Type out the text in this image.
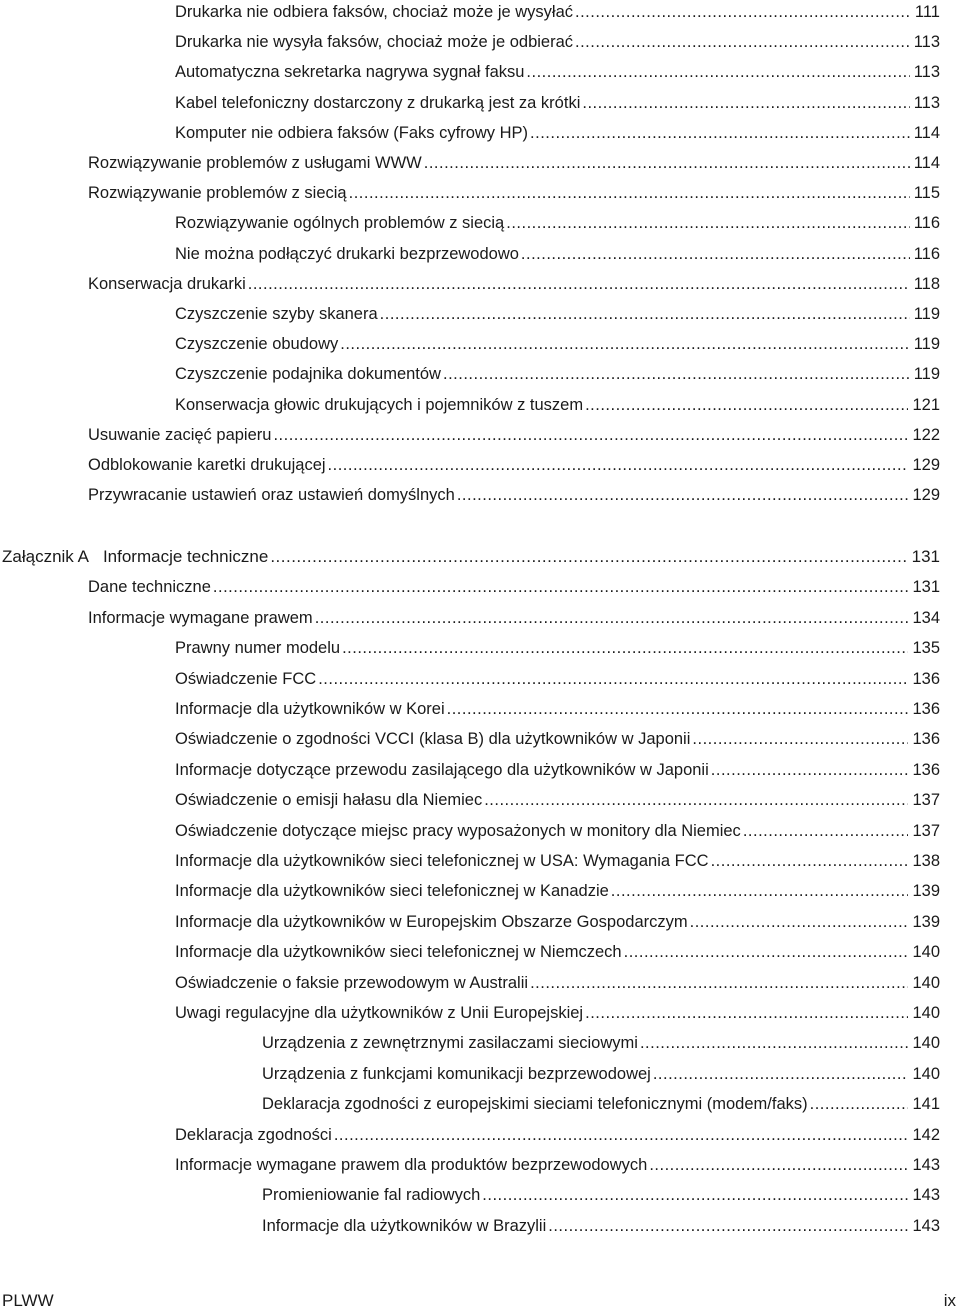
Drukarka nie odbiera faksów, chociaż może je wysyłać .....	111
Drukarka nie wysyła faksów, chociaż może je odbierać .....	113
Automatyczna sekretarka nagrywa sygnał faksu .....	113
Kabel telefoniczny dostarczony z drukarką jest za krótki .....	113
Komputer nie odbiera faksów (Faks cyfrowy HP) .....	114
Rozwiązywanie problemów z usługami WWW .....	114
Rozwiązywanie problemów z siecią .....	115
Rozwiązywanie ogólnych problemów z siecią .....	116
Nie można podłączyć drukarki bezprzewodowo .....	116
Konserwacja drukarki .....	118
Czyszczenie szyby skanera .....	119
Czyszczenie obudowy .....	119
Czyszczenie podajnika dokumentów .....	119
Konserwacja głowic drukujących i pojemników z tuszem .....	121
Usuwanie zacięć papieru .....	122
Odblokowanie karetki drukującej .....	129
Przywracanie ustawień oraz ustawień domyślnych .....	129
Załącznik A Informacje techniczne .....	131
Dane techniczne .....	131
Informacje wymagane prawem .....	134
Prawny numer modelu .....	135
Oświadczenie FCC .....	136
Informacje dla użytkowników w Korei .....	136
Oświadczenie o zgodności VCCI (klasa B) dla użytkowników w Japonii .....	136
Informacje dotyczące przewodu zasilającego dla użytkowników w Japonii .....	136
Oświadczenie o emisji hałasu dla Niemiec .....	137
Oświadczenie dotyczące miejsc pracy wyposażonych w monitory dla Niemiec .....	137
Informacje dla użytkowników sieci telefonicznej w USA: Wymagania FCC .....	138
Informacje dla użytkowników sieci telefonicznej w Kanadzie .....	139
Informacje dla użytkowników w Europejskim Obszarze Gospodarczym .....	139
Informacje dla użytkowników sieci telefonicznej w Niemczech .....	140
Oświadczenie o faksie przewodowym w Australii .....	140
Uwagi regulacyjne dla użytkowników z Unii Europejskiej .....	140
Urządzenia z zewnętrznymi zasilaczami sieciowymi .....	140
Urządzenia z funkcjami komunikacji bezprzewodowej .....	140
Deklaracja zgodności z europejskimi sieciami telefonicznymi (modem/faks) .....	141
Deklaracja zgodności .....	142
Informacje wymagane prawem dla produktów bezprzewodowych .....	143
Promieniowanie fal radiowych .....	143
Informacje dla użytkowników w Brazylii .....	143
PLWW	ix
